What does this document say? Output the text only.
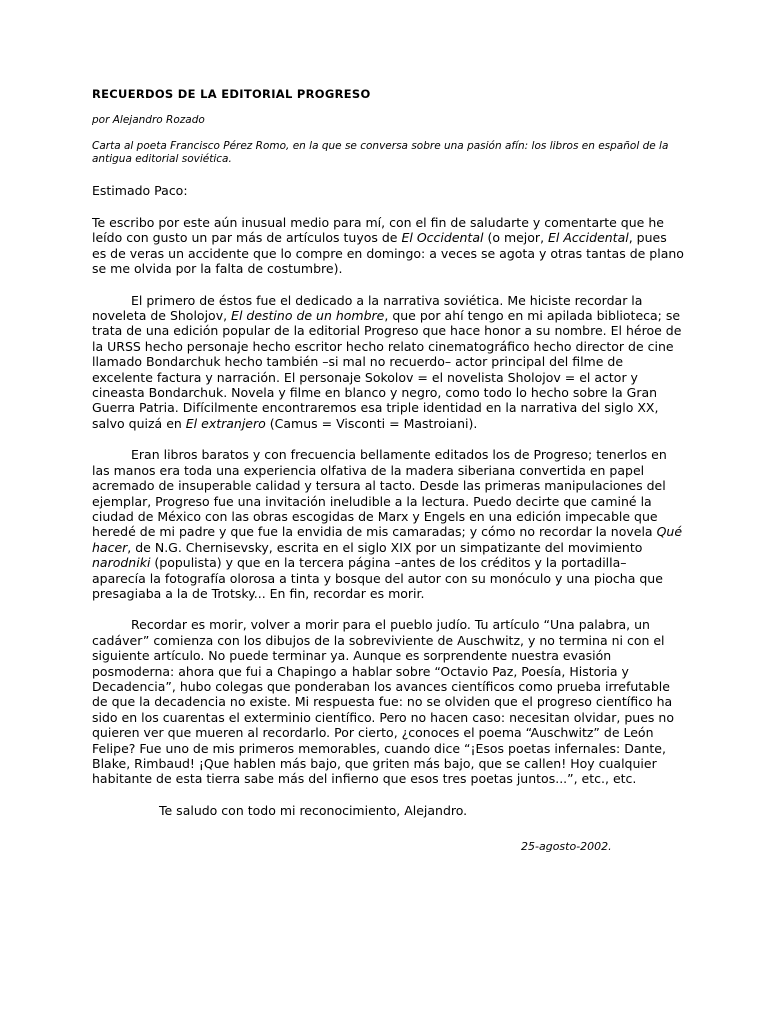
RECUERDOS DE LA EDITORIAL PROGRESO

por Alejandro Rozado

Carta al poeta Francisco Pérez Romo, en la que se conversa sobre una pasión afín: los libros en español de la antigua editorial soviética.

Estimado Paco:

Te escribo por este aún inusual medio para mí, con el fin de saludarte y comentarte que he leído con gusto un par más de artículos tuyos de El Occidental (o mejor, El Accidental, pues es de veras un accidente que lo compre en domingo: a veces se agota y otras tantas de plano se me olvida por la falta de costumbre).

El primero de éstos fue el dedicado a la narrativa soviética. Me hiciste recordar la noveleta de Sholojov, El destino de un hombre, que por ahí tengo en mi apilada biblioteca; se trata de una edición popular de la editorial Progreso que hace honor a su nombre. El héroe de la URSS hecho personaje hecho escritor hecho relato cinematográfico hecho director de cine llamado Bondarchuk hecho también –si mal no recuerdo– actor principal del filme de excelente factura y narración. El personaje Sokolov = el novelista Sholojov = el actor y cineasta Bondarchuk. Novela y filme en blanco y negro, como todo lo hecho sobre la Gran Guerra Patria. Difícilmente encontraremos esa triple identidad en la narrativa del siglo XX, salvo quizá en El extranjero (Camus = Visconti = Mastroiani).

Eran libros baratos y con frecuencia bellamente editados los de Progreso; tenerlos en las manos era toda una experiencia olfativa de la madera siberiana convertida en papel acremado de insuperable calidad y tersura al tacto. Desde las primeras manipulaciones del ejemplar, Progreso fue una invitación ineludible a la lectura. Puedo decirte que caminé la ciudad de México con las obras escogidas de Marx y Engels en una edición impecable que heredé de mi padre y que fue la envidia de mis camaradas; y cómo no recordar la novela Qué hacer, de N.G. Chernisevsky, escrita en el siglo XIX por un simpatizante del movimiento narodniki (populista) y que en la tercera página –antes de los créditos y la portadilla– aparecía la fotografía olorosa a tinta y bosque del autor con su monóculo y una piocha que presagiaba a la de Trotsky... En fin, recordar es morir.

Recordar es morir, volver a morir para el pueblo judío. Tu artículo “Una palabra, un cadáver” comienza con los dibujos de la sobreviviente de Auschwitz, y no termina ni con el siguiente artículo. No puede terminar ya. Aunque es sorprendente nuestra evasión posmoderna: ahora que fui a Chapingo a hablar sobre “Octavio Paz, Poesía, Historia y Decadencia”, hubo colegas que ponderaban los avances científicos como prueba irrefutable de que la decadencia no existe. Mi respuesta fue: no se olviden que el progreso científico ha sido en los cuarentas el exterminio científico. Pero no hacen caso: necesitan olvidar, pues no quieren ver que mueren al recordarlo. Por cierto, ¿conoces el poema “Auschwitz” de León Felipe? Fue uno de mis primeros memorables, cuando dice “¡Esos poetas infernales: Dante, Blake, Rimbaud! ¡Que hablen más bajo, que griten más bajo, que se callen! Hoy cualquier habitante de esta tierra sabe más del infierno que esos tres poetas juntos...”, etc., etc.

Te saludo con todo mi reconocimiento, Alejandro.

25-agosto-2002.
